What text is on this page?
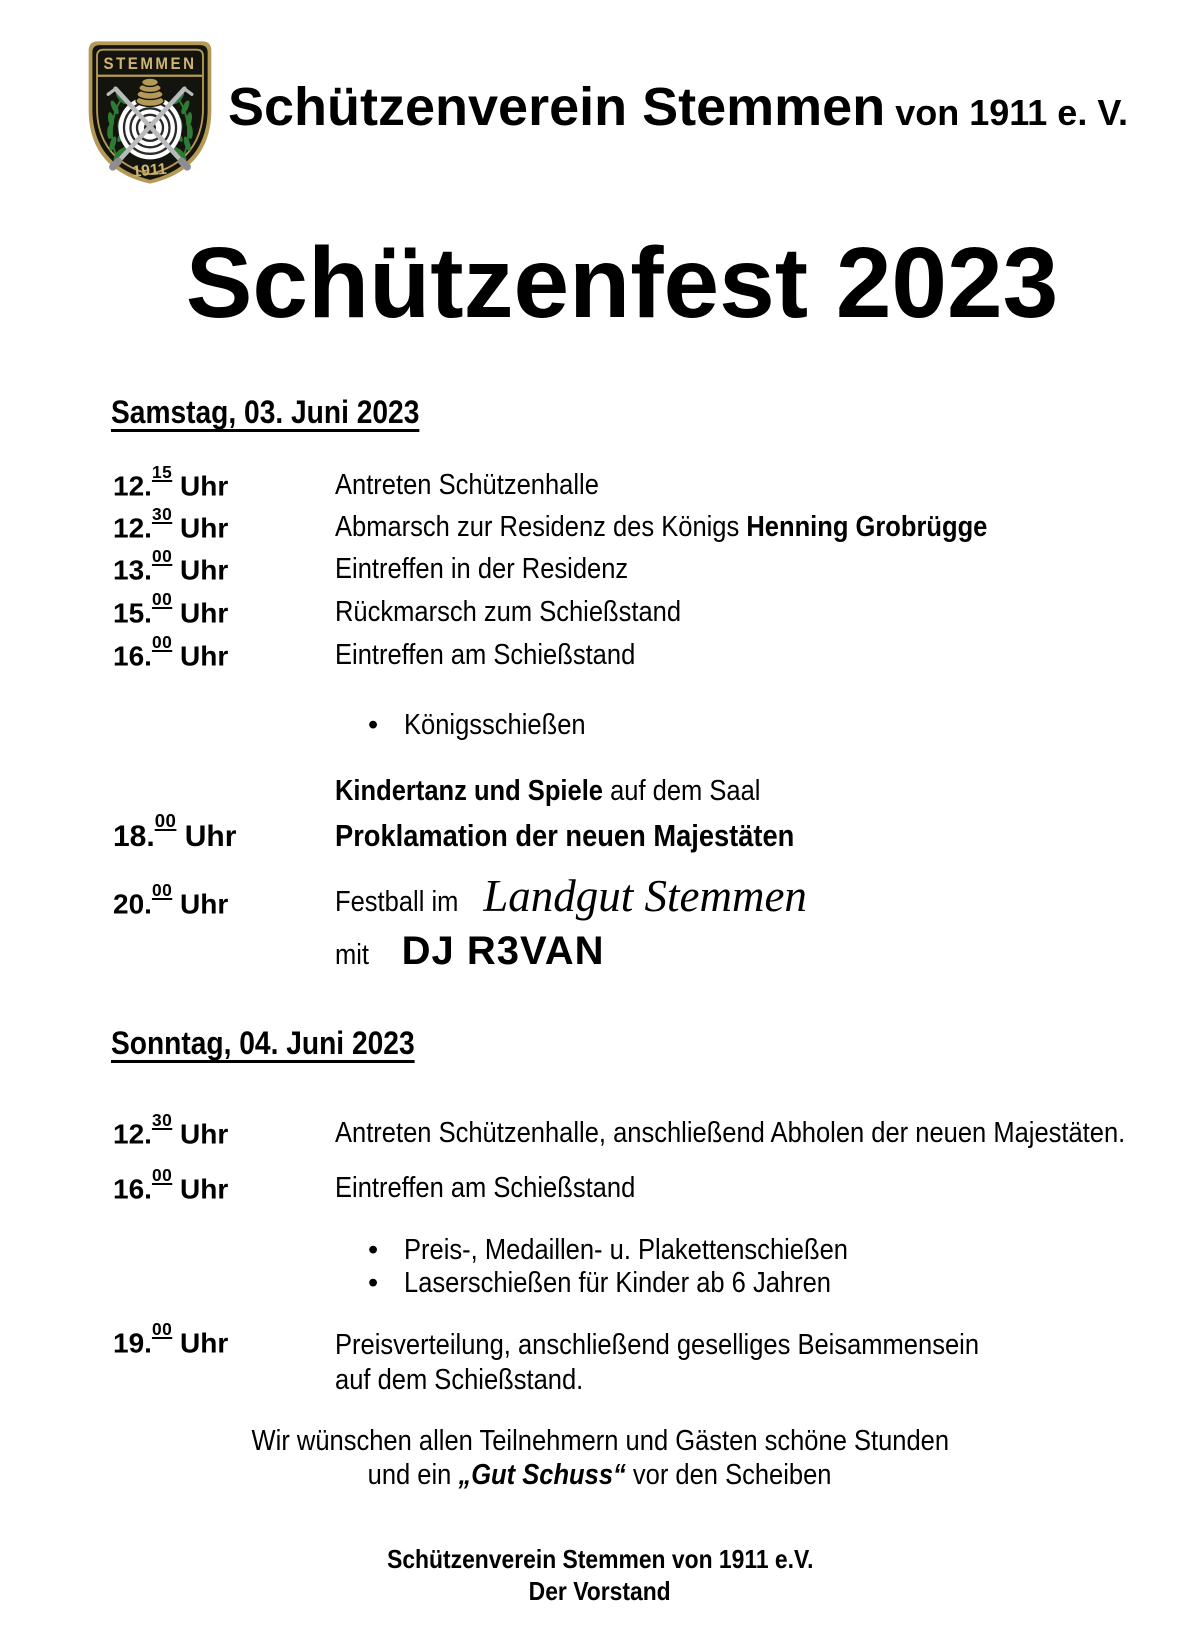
STEMMEN
1911
Schützenverein Stemmen von 1911 e. V.
Schützenfest 2023
Samstag, 03. Juni 2023
12.15 Uhr	Antreten Schützenhalle
12.30 Uhr	Abmarsch zur Residenz des Königs Henning Grobrügge
13.00 Uhr	Eintreffen in der Residenz
15.00 Uhr	Rückmarsch zum Schießstand
16.00 Uhr	Eintreffen am Schießstand
•Königsschießen
Kindertanz und Spiele auf dem Saal
18.00 Uhr	Proklamation der neuen Majestäten
20.00 Uhr	Festball im Landgut Stemmen
mit DJ R3VAN
Sonntag, 04. Juni 2023
12.30 Uhr	Antreten Schützenhalle, anschließend Abholen der neuen Majestäten.
16.00 Uhr	Eintreffen am Schießstand
•Preis-, Medaillen- u. Plakettenschießen
•Laserschießen für Kinder ab 6 Jahren
19.00 Uhr	Preisverteilung, anschließend geselliges Beisammensein
auf dem Schießstand.
Wir wünschen allen Teilnehmern und Gästen schöne Stunden
und ein „Gut Schuss“ vor den Scheiben
Schützenverein Stemmen von 1911 e.V.
Der Vorstand
